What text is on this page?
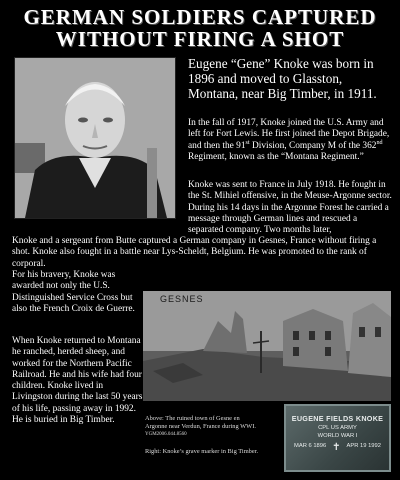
GERMAN SOLDIERS CAPTURED
WITHOUT FIRING A SHOT
Eugene “Gene” Knoke was born in 1896 and moved to Glasston, Montana, near Big Timber, in 1911.
In the fall of 1917, Knoke joined the U.S. Army and left for Fort Lewis. He first joined the Depot Brigade, and then the 91st Division, Company M of the 362nd Regiment, known as the “Montana Regiment.”
Knoke was sent to France in July 1918. He fought in the St. Mihiel offensive, in the Meuse-Argonne sector. During his 14 days in the Argonne Forest he carried a message through German lines and rescued a separated company. Two months later,
Knoke and a sergeant from Butte captured a German company in Gesnes, France without firing a shot. Knoke also fought in a battle near Lys-Scheldt, Belgium. He was promoted to the rank of corporal.
For his bravery, Knoke was awarded not only the U.S. Distinguished Service Cross but also the French Croix de Guerre.
When Knoke returned to Montana he ranched, herded sheep, and worked for the Northern Pacific Railroad. He and his wife had four children. Knoke lived in Livingston during the last 50 years of his life, passing away in 1992. He is buried in Big Timber.
GESNES
Above: The ruined town of Gesne en Argonne near Verdun, France during WWI. YGM2006.044.8560
Right: Knoke’s grave marker in Big Timber.
EUGENE FIELDS KNOKE
CPL US ARMY
WORLD WAR I
MAR 6 1896 ✝ APR 19 1992
